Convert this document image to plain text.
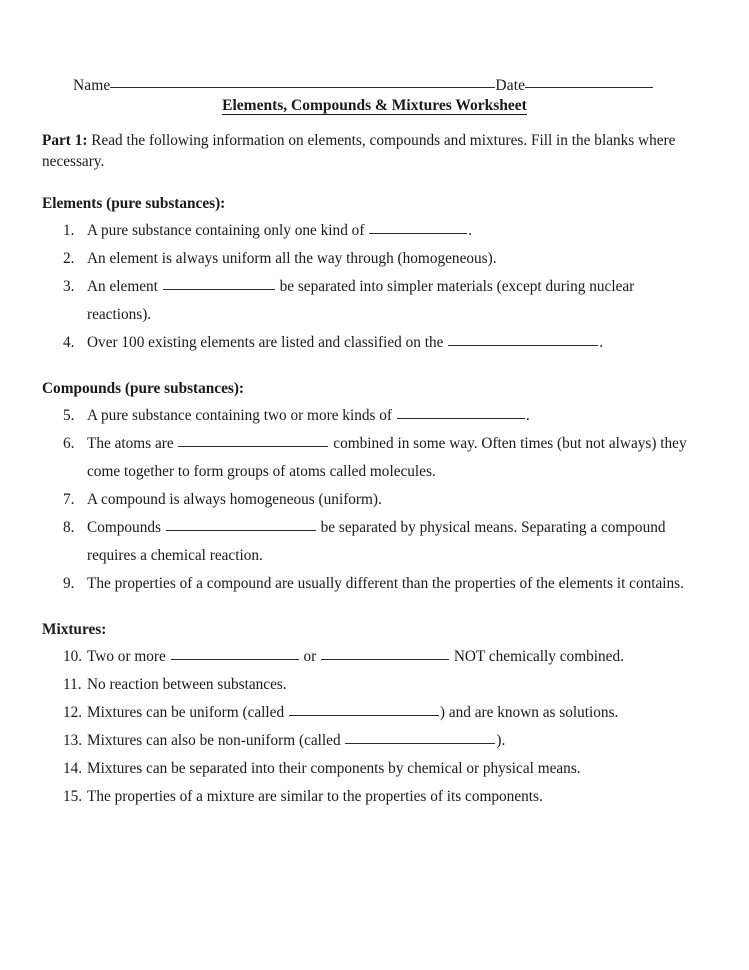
Name	Date
Elements, Compounds & Mixtures Worksheet

Part 1: Read the following information on elements, compounds and mixtures. Fill in the blanks where necessary.

Elements (pure substances):
1. A pure substance containing only one kind of	.
2. An element is always uniform all the way through (homogeneous).
3. An element	be separated into simpler materials (except during nuclear reactions).
4. Over 100 existing elements are listed and classified on the	.
Compounds (pure substances):
5. A pure substance containing two or more kinds of	.
6. The atoms are	combined in some way. Often times (but not always) they come together to form groups of atoms called molecules.
7. A compound is always homogeneous (uniform).
8. Compounds	be separated by physical means. Separating a compound requires a chemical reaction.
9. The properties of a compound are usually different than the properties of the elements it contains.
Mixtures:
10. Two or more	or	NOT chemically combined.
11. No reaction between substances.
12. Mixtures can be uniform (called	) and are known as solutions.
13. Mixtures can also be non-uniform (called	).
14. Mixtures can be separated into their components by chemical or physical means.
15. The properties of a mixture are similar to the properties of its components.
